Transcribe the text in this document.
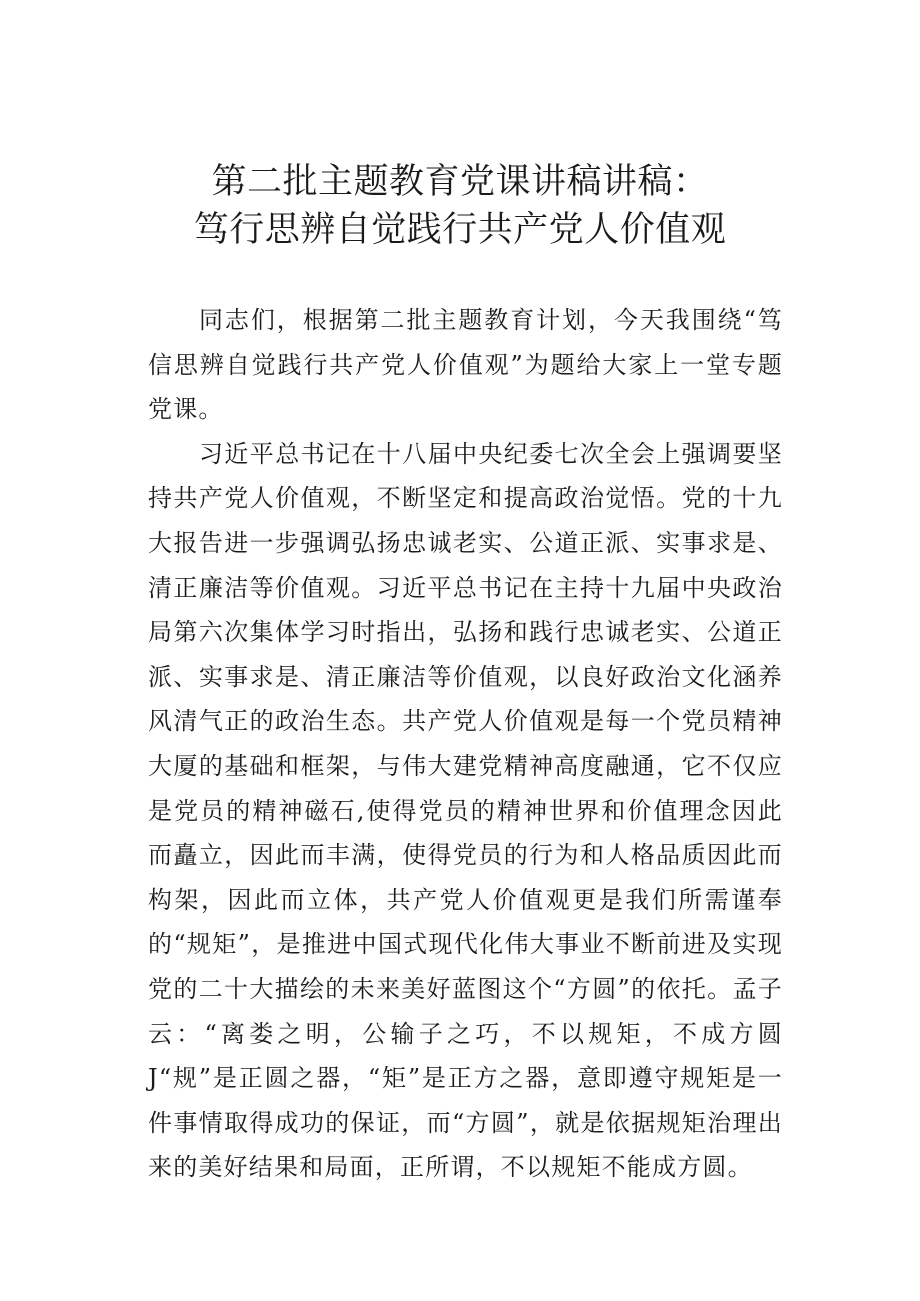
第二批主题教育党课讲稿讲稿：
笃行思辨自觉践行共产党人价值观

同志们，根据第二批主题教育计划，今天我围绕“笃信思辨自觉践行共产党人价值观”为题给大家上一堂专题党课。

习近平总书记在十八届中央纪委七次全会上强调要坚持共产党人价值观，不断坚定和提高政治觉悟。党的十九大报告进一步强调弘扬忠诚老实、公道正派、实事求是、清正廉洁等价值观。习近平总书记在主持十九届中央政治局第六次集体学习时指出，弘扬和践行忠诚老实、公道正派、实事求是、清正廉洁等价值观，以良好政治文化涵养风清气正的政治生态。共产党人价值观是每一个党员精神大厦的基础和框架，与伟大建党精神高度融通，它不仅应是党员的精神磁石,使得党员的精神世界和价值理念因此而矗立，因此而丰满，使得党员的行为和人格品质因此而构架，因此而立体，共产党人价值观更是我们所需谨奉的“规矩”，是推进中国式现代化伟大事业不断前进及实现党的二十大描绘的未来美好蓝图这个“方圆”的依托。孟子云：“离娄之明，公输子之巧，不以规矩，不成方圆J“规”是正圆之器，“矩”是正方之器，意即遵守规矩是一件事情取得成功的保证，而“方圆”，就是依据规矩治理出来的美好结果和局面，正所谓，不以规矩不能成方圆。
